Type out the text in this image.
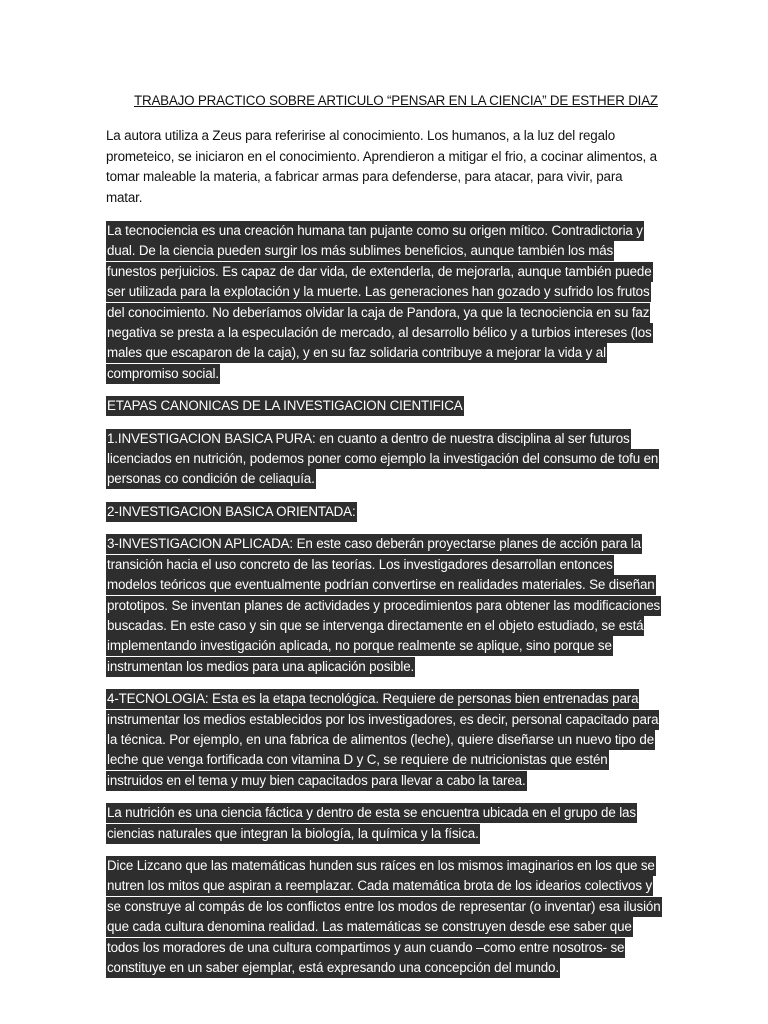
TRABAJO PRACTICO SOBRE ARTICULO “PENSAR EN LA CIENCIA” DE ESTHER DIAZ

La autora utiliza a Zeus para referirise al conocimiento. Los humanos, a la luz del regalo prometeico, se iniciaron en el conocimiento. Aprendieron a mitigar el frio, a cocinar alimentos, a tomar maleable la materia, a fabricar armas para defenderse, para atacar, para vivir, para matar.

La tecnociencia es una creación humana tan pujante como su origen mítico. Contradictoria y dual. De la ciencia pueden surgir los más sublimes beneficios, aunque también los más funestos perjuicios. Es capaz de dar vida, de extenderla, de mejorarla, aunque también puede ser utilizada para la explotación y la muerte. Las generaciones han gozado y sufrido los frutos del conocimiento. No deberíamos olvidar la caja de Pandora, ya que la tecnociencia en su faz negativa se presta a la especulación de mercado, al desarrollo bélico y a turbios intereses (los males que escaparon de la caja), y en su faz solidaria contribuye a mejorar la vida y al compromiso social.

ETAPAS CANONICAS DE LA INVESTIGACION CIENTIFICA

1.INVESTIGACION BASICA PURA: en cuanto a dentro de nuestra disciplina al ser futuros licenciados en nutrición, podemos poner como ejemplo la investigación del consumo de tofu en personas co condición de celiaquía.

2-INVESTIGACION BASICA ORIENTADA:

3-INVESTIGACION APLICADA: En este caso deberán proyectarse planes de acción para la transición hacia el uso concreto de las teorías. Los investigadores desarrollan entonces modelos teóricos que eventualmente podrían convertirse en realidades materiales. Se diseñan prototipos. Se inventan planes de actividades y procedimientos para obtener las modificaciones buscadas. En este caso y sin que se intervenga directamente en el objeto estudiado, se está implementando investigación aplicada, no porque realmente se aplique, sino porque se instrumentan los medios para una aplicación posible.

4-TECNOLOGIA: Esta es la etapa tecnológica. Requiere de personas bien entrenadas para instrumentar los medios establecidos por los investigadores, es decir, personal capacitado para la técnica. Por ejemplo, en una fabrica de alimentos (leche), quiere diseñarse un nuevo tipo de leche que venga fortificada con vitamina D y C, se requiere de nutricionistas que estén instruidos en el tema y muy bien capacitados para llevar a cabo la tarea.

La nutrición es una ciencia fáctica y dentro de esta se encuentra ubicada en el grupo de las ciencias naturales que integran la biología, la química y la física.

Dice Lizcano que las matemáticas hunden sus raíces en los mismos imaginarios en los que se nutren los mitos que aspiran a reemplazar. Cada matemática brota de los idearios colectivos y se construye al compás de los conflictos entre los modos de representar (o inventar) esa ilusión que cada cultura denomina realidad. Las matemáticas se construyen desde ese saber que todos los moradores de una cultura compartimos y aun cuando –como entre nosotros- se constituye en un saber ejemplar, está expresando una concepción del mundo.
